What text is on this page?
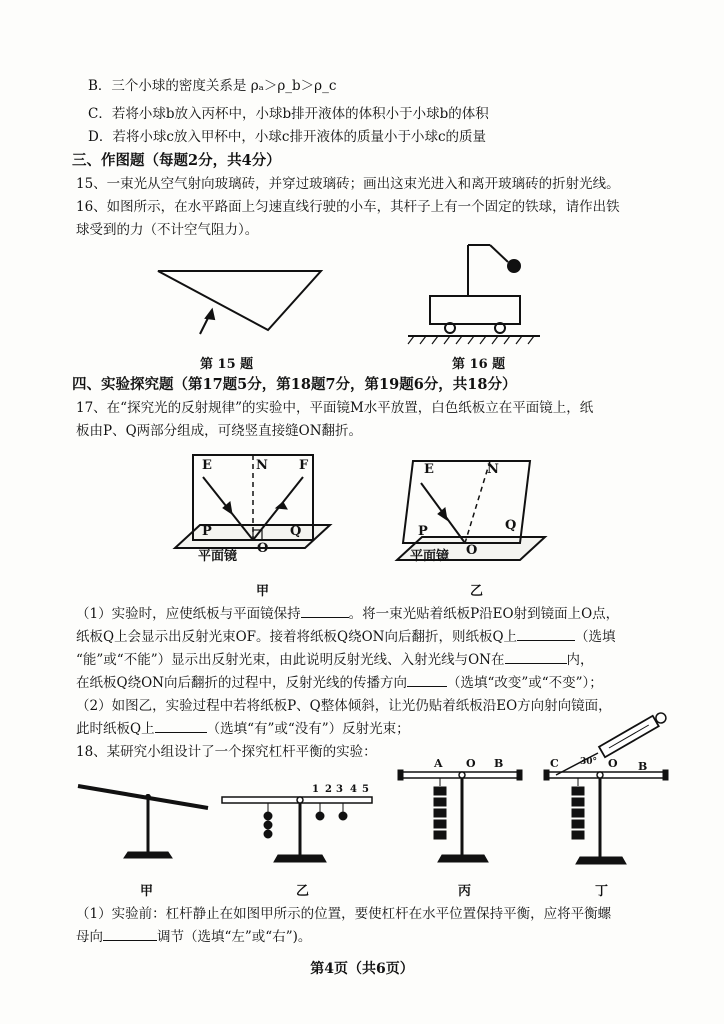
B．三个小球的密度关系是 ρₐ＞ρ_b＞ρ_c
C．若将小球b放入丙杯中，小球b排开液体的体积小于小球b的体积
D．若将小球c放入甲杯中，小球c排开液体的质量小于小球c的质量
三、作图题（每题2分，共4分）
15、一束光从空气射向玻璃砖，并穿过玻璃砖；画出这束光进入和离开玻璃砖的折射光线。
16、如图所示，在水平路面上匀速直线行驶的小车，其杆子上有一个固定的铁球，请作出铁
球受到的力（不计空气阻力）。
第 15 题	第 16 题
四、实验探究题（第17题5分，第18题7分，第19题6分，共18分）
17、在“探究光的反射规律”的实验中，平面镜M水平放置，白色纸板立在平面镜上，纸
板由P、Q两部分组成，可绕竖直接缝ON翻折。
E	N F
P	Q
O
平面镜
甲
E	N
P	Q
O
平面镜
乙
（1）实验时，应使纸板与平面镜保持	。将一束光贴着纸板P沿EO射到镜面上O点，
纸板Q上会显示出反射光束OF。接着将纸板Q绕ON向后翻折，则纸板Q上	（选填
“能”或“不能”）显示出反射光束，由此说明反射光线、入射光线与ON在	内，
在纸板Q绕ON向后翻折的过程中，反射光线的传播方向	（选填“改变”或“不变”）；
（2）如图乙，实验过程中若将纸板P、Q整体倾斜，让光仍贴着纸板沿EO方向射向镜面，
此时纸板Q上	（选填“有”或“没有”）反射光束；
18、某研究小组设计了一个探究杠杆平衡的实验：
1 2 3 4 5
A O B	C 30° O B
甲	乙	丙	丁
（1）实验前：杠杆静止在如图甲所示的位置，要使杠杆在水平位置保持平衡，应将平衡螺
母向	调节（选填“左”或“右”)。
第4页（共6页）
